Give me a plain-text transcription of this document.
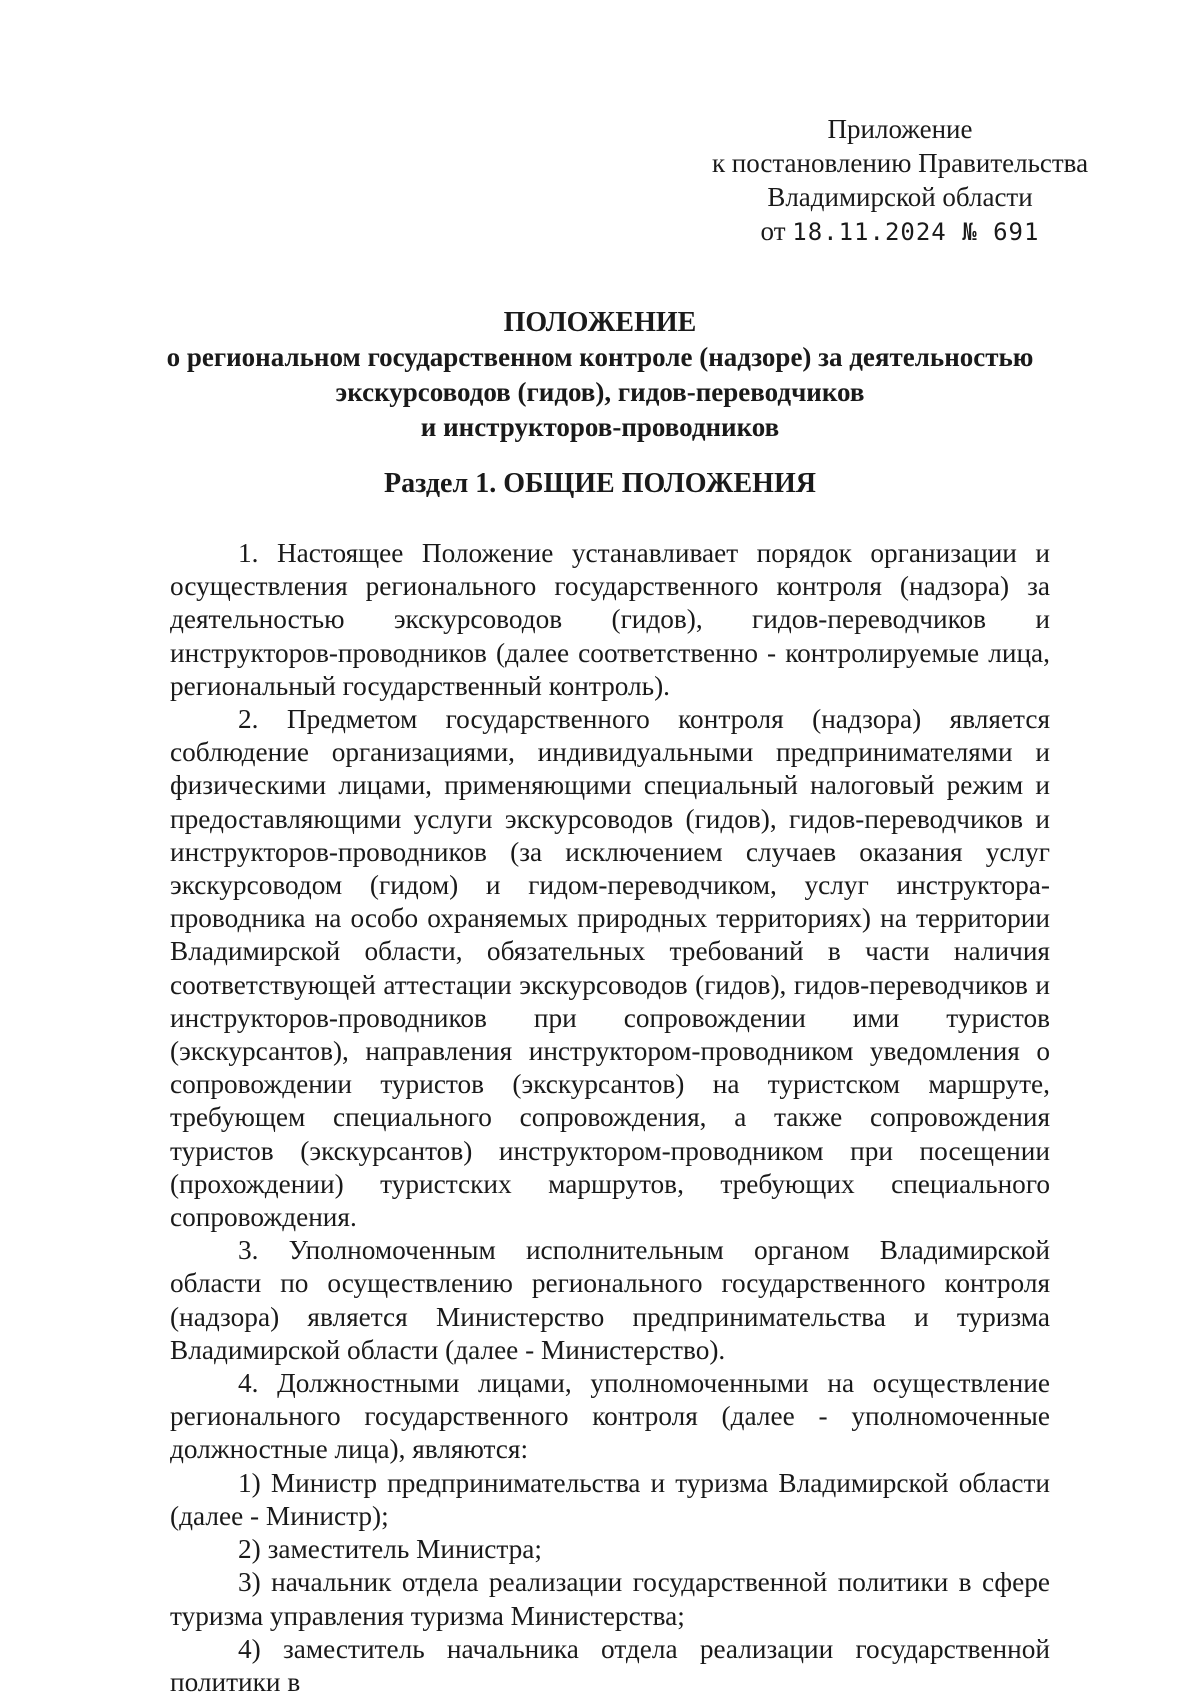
Приложение
к постановлению Правительства
Владимирской области
от 18.11.2024 № 691
ПОЛОЖЕНИЕ
о региональном государственном контроле (надзоре) за деятельностью
экскурсоводов (гидов), гидов-переводчиков
и инструкторов-проводников
Раздел 1. ОБЩИЕ ПОЛОЖЕНИЯ

1. Настоящее Положение устанавливает порядок организации и осуществления регионального государственного контроля (надзора) за деятельностью экскурсоводов (гидов), гидов-переводчиков и инструкторов-проводников (далее соответственно - контролируемые лица, региональный государственный контроль).

2. Предметом государственного контроля (надзора) является соблюдение организациями, индивидуальными предпринимателями и физическими лицами, применяющими специальный налоговый режим и предоставляющими услуги экскурсоводов (гидов), гидов-переводчиков и инструкторов-проводников (за исключением случаев оказания услуг экскурсоводом (гидом) и гидом-переводчиком, услуг инструктора-проводника на особо охраняемых природных территориях) на территории Владимирской области, обязательных требований в части наличия соответствующей аттестации экскурсоводов (гидов), гидов-переводчиков и инструкторов-проводников при сопровождении ими туристов (экскурсантов), направления инструктором-проводником уведомления о сопровождении туристов (экскурсантов) на туристском маршруте, требующем специального сопровождения, а также сопровождения туристов (экскурсантов) инструктором-проводником при посещении (прохождении) туристских маршрутов, требующих специального сопровождения.

3. Уполномоченным исполнительным органом Владимирской области по осуществлению регионального государственного контроля (надзора) является Министерство предпринимательства и туризма Владимирской области (далее - Министерство).

4. Должностными лицами, уполномоченными на осуществление регионального государственного контроля (далее - уполномоченные должностные лица), являются:

1) Министр предпринимательства и туризма Владимирской области (далее - Министр);

2) заместитель Министра;

3) начальник отдела реализации государственной политики в сфере туризма управления туризма Министерства;

4) заместитель начальника отдела реализации государственной политики в
